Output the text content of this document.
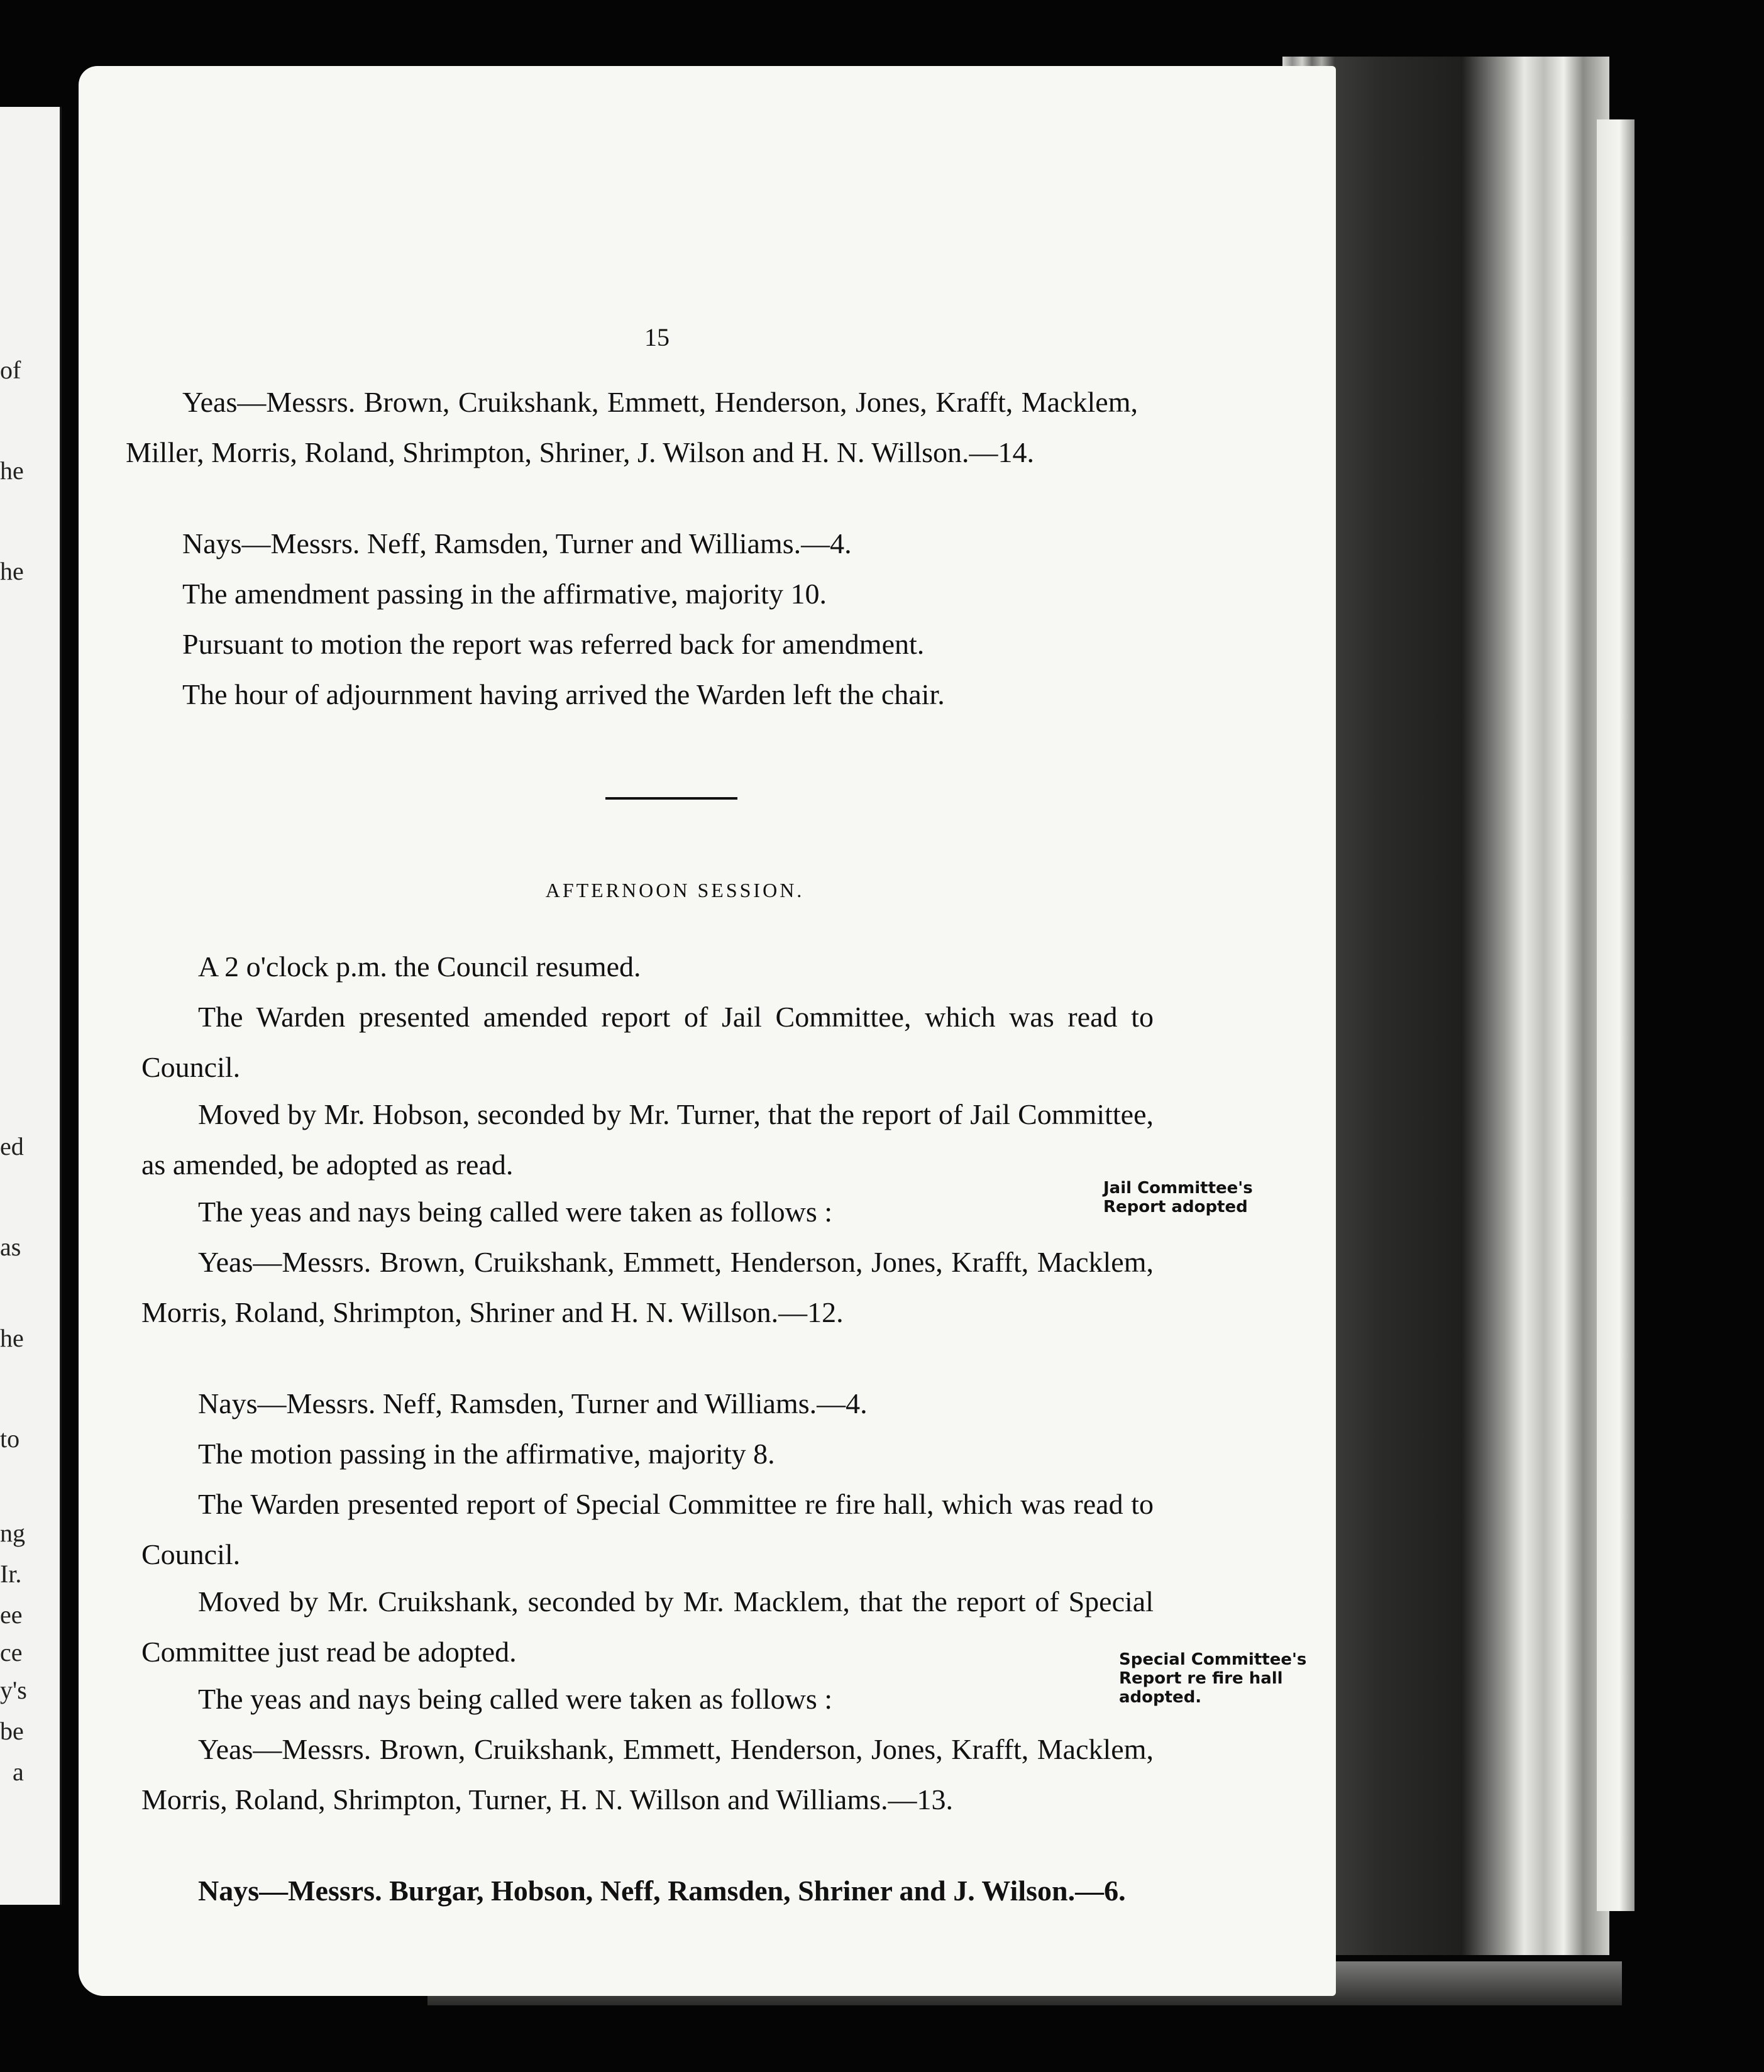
of
he
he
ed
as
he
to
ng
Ir.
ee
ce
y's
be
a
15

Yeas—Messrs. Brown, Cruikshank, Emmett, Henderson, Jones, Krafft, Macklem, Miller, Morris, Roland, Shrimpton, Shriner, J. Wilson and H. N. Willson.—14.

Nays—Messrs. Neff, Ramsden, Turner and Williams.—4.

The amendment passing in the affirmative, majority 10.

Pursuant to motion the report was referred back for amendment.

The hour of adjournment having arrived the Warden left the chair.

AFTERNOON SESSION.

A 2 o'clock p.m. the Council resumed.

The Warden presented amended report of Jail Committee, which was read to Council.

Moved by Mr. Hobson, seconded by Mr. Turner, that the report of Jail Committee, as amended, be adopted as read.

The yeas and nays being called were taken as follows :

Yeas—Messrs. Brown, Cruikshank, Emmett, Henderson, Jones, Krafft, Macklem, Morris, Roland, Shrimpton, Shriner and H. N. Willson.—12.

Nays—Messrs. Neff, Ramsden, Turner and Williams.—4.

The motion passing in the affirmative, majority 8.

The Warden presented report of Special Committee re fire hall, which was read to Council.

Moved by Mr. Cruikshank, seconded by Mr. Macklem, that the report of Special Committee just read be adopted.

The yeas and nays being called were taken as follows :

Yeas—Messrs. Brown, Cruikshank, Emmett, Henderson, Jones, Krafft, Macklem, Morris, Roland, Shrimpton, Turner, H. N. Willson and Williams.—13.

Nays—Messrs. Burgar, Hobson, Neff, Ramsden, Shriner and J. Wilson.—6.

Jail Committee's Report adopted

Special Committee's Report re fire hall adopted.
